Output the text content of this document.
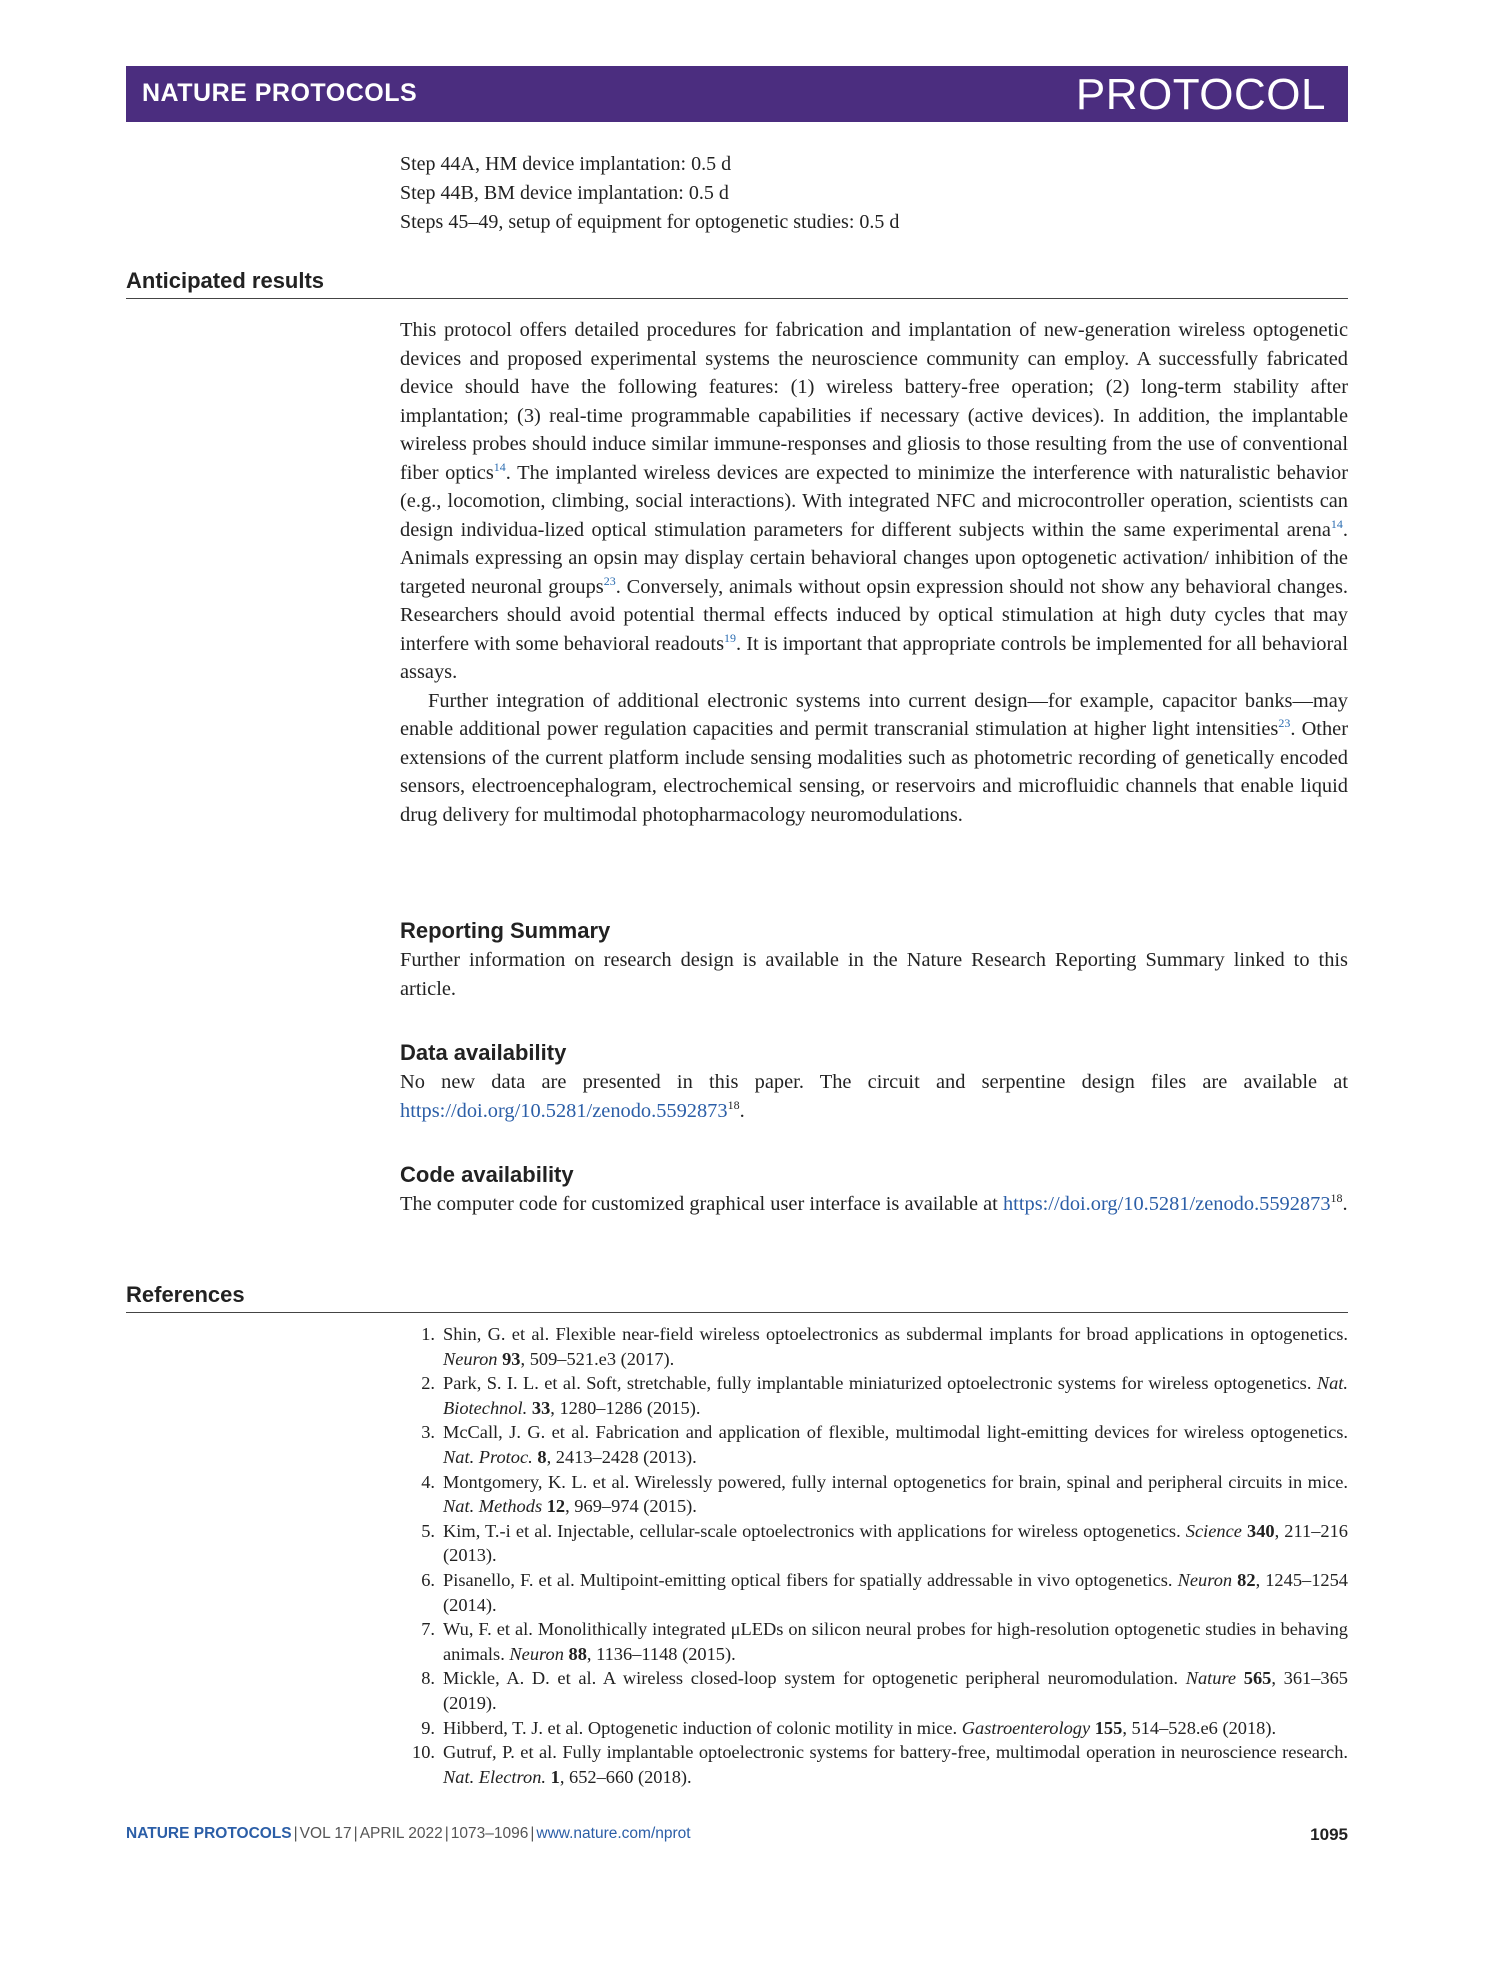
NATURE PROTOCOLS	PROTOCOL
Step 44A, HM device implantation: 0.5 d
Step 44B, BM device implantation: 0.5 d
Steps 45–49, setup of equipment for optogenetic studies: 0.5 d
Anticipated results

This protocol offers detailed procedures for fabrication and implantation of new-generation wireless optogenetic devices and proposed experimental systems the neuroscience community can employ. A successfully fabricated device should have the following features: (1) wireless battery-free operation; (2) long-term stability after implantation; (3) real-time programmable capabilities if necessary (active devices). In addition, the implantable wireless probes should induce similar immune-responses and gliosis to those resulting from the use of conventional fiber optics$^{14}$. The implanted wireless devices are expected to minimize the interference with naturalistic behavior (e.g., locomotion, climbing, social interactions). With integrated NFC and microcontroller operation, scientists can design individua-lized optical stimulation parameters for different subjects within the same experimental arena$^{14}$. Animals expressing an opsin may display certain behavioral changes upon optogenetic activation/ inhibition of the targeted neuronal groups$^{23}$. Conversely, animals without opsin expression should not show any behavioral changes. Researchers should avoid potential thermal effects induced by optical stimulation at high duty cycles that may interfere with some behavioral readouts$^{19}$. It is important that appropriate controls be implemented for all behavioral assays.

Further integration of additional electronic systems into current design—for example, capacitor banks—may enable additional power regulation capacities and permit transcranial stimulation at higher light intensities$^{23}$. Other extensions of the current platform include sensing modalities such as photometric recording of genetically encoded sensors, electroencephalogram, electrochemical sensing, or reservoirs and microfluidic channels that enable liquid drug delivery for multimodal photopharmacology neuromodulations.

Reporting Summary

Further information on research design is available in the Nature Research Reporting Summary linked to this article.

Data availability

No new data are presented in this paper. The circuit and serpentine design files are available at https://doi.org/10.5281/zenodo.5592873$^{18}$.

Code availability

The computer code for customized graphical user interface is available at https://doi.org/10.5281/zenodo.5592873$^{18}$.

References
1. Shin, G. et al. Flexible near-field wireless optoelectronics as subdermal implants for broad applications in optogenetics. Neuron 93, 509–521.e3 (2017).
2. Park, S. I. L. et al. Soft, stretchable, fully implantable miniaturized optoelectronic systems for wireless optogenetics. Nat. Biotechnol. 33, 1280–1286 (2015).
3. McCall, J. G. et al. Fabrication and application of flexible, multimodal light-emitting devices for wireless optogenetics. Nat. Protoc. 8, 2413–2428 (2013).
4. Montgomery, K. L. et al. Wirelessly powered, fully internal optogenetics for brain, spinal and peripheral circuits in mice. Nat. Methods 12, 969–974 (2015).
5. Kim, T.-i et al. Injectable, cellular-scale optoelectronics with applications for wireless optogenetics. Science 340, 211–216 (2013).
6. Pisanello, F. et al. Multipoint-emitting optical fibers for spatially addressable in vivo optogenetics. Neuron 82, 1245–1254 (2014).
7. Wu, F. et al. Monolithically integrated μLEDs on silicon neural probes for high-resolution optogenetic studies in behaving animals. Neuron 88, 1136–1148 (2015).
8. Mickle, A. D. et al. A wireless closed-loop system for optogenetic peripheral neuromodulation. Nature 565, 361–365 (2019).
9. Hibberd, T. J. et al. Optogenetic induction of colonic motility in mice. Gastroenterology 155, 514–528.e6 (2018).
10. Gutruf, P. et al. Fully implantable optoelectronic systems for battery-free, multimodal operation in neuroscience research. Nat. Electron. 1, 652–660 (2018).
NATURE PROTOCOLS | VOL 17 | APRIL 2022 | 1073–1096 | www.nature.com/nprot	1095
